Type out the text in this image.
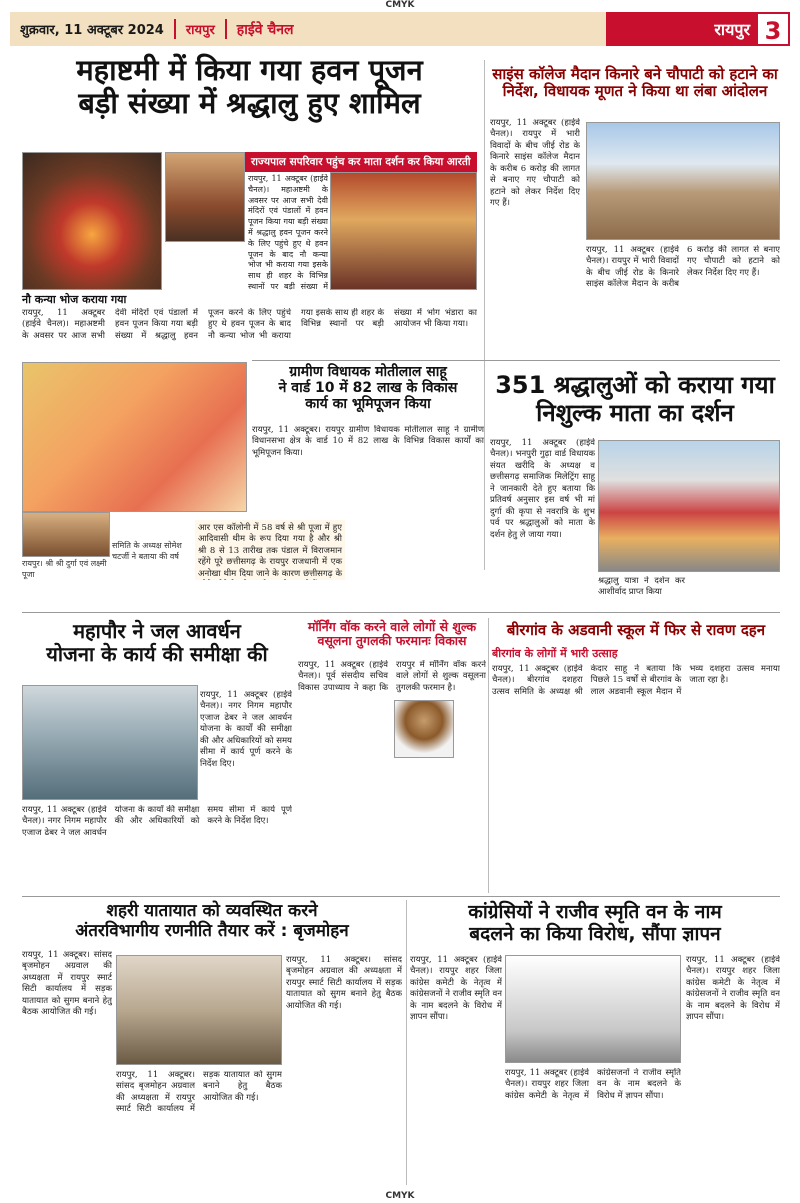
CMYK
शुक्रवार, 11 अक्टूबर 2024 रायपुर हाईवे चैनल	रायपुर 3
महाष्टमी में किया गया हवन पूजन
बड़ी संख्या में श्रद्धालु हुए शामिल
राज्यपाल सपरिवार पहुंच कर माता दर्शन कर किया आरती
रायपुर, 11 अक्टूबर (हाईवे चैनल)। महाअष्टमी के अवसर पर आज सभी देवी मंदिरों एवं पंडालों में हवन पूजन किया गया बड़ी संख्या में श्रद्धालु हवन पूजन करने के लिए पहुंचे हुए थे हवन पूजन के बाद नौ कन्या भोज भी कराया गया इसके साथ ही शहर के विभिन्न स्थानों पर बड़ी संख्या में
नौ कन्या भोज कराया गया
रायपुर, 11 अक्टूबर (हाईवे चैनल)। महाअष्टमी के अवसर पर आज सभी देवी मंदिरों एवं पंडालों में हवन पूजन किया गया बड़ी संख्या में श्रद्धालु हवन पूजन करने के लिए पहुंचे हुए थे हवन पूजन के बाद नौ कन्या भोज भी कराया गया इसके साथ ही शहर के विभिन्न स्थानों पर बड़ी संख्या में भोग भंडारा का आयोजन भी किया गया।
साइंस कॉलेज मैदान किनारे बने चौपाटी को हटाने का निर्देश, विधायक मूणत ने किया था लंबा आंदोलन
रायपुर, 11 अक्टूबर (हाईवे चैनल)। रायपुर में भारी विवादों के बीच जीई रोड के किनारे साइंस कॉलेज मैदान के करीब 6 करोड़ की लागत से बनाए गए चौपाटी को हटाने को लेकर निर्देश दिए गए हैं।
रायपुर, 11 अक्टूबर (हाईवे चैनल)। रायपुर में भारी विवादों के बीच जीई रोड के किनारे साइंस कॉलेज मैदान के करीब 6 करोड़ की लागत से बनाए गए चौपाटी को हटाने को लेकर निर्देश दिए गए हैं।
ग्रामीण विधायक मोतीलाल साहू
ने वार्ड 10 में 82 लाख के विकास
कार्य का भूमिपूजन किया
रायपुर, 11 अक्टूबर। रायपुर ग्रामीण विधायक मोतीलाल साहू ने ग्रामीण विधानसभा क्षेत्र के वार्ड 10 में 82 लाख के विभिन्न विकास कार्यों का भूमिपूजन किया।
आर एस कॉलोनी में 58 वर्ष से श्री पूजा में हुए आदिवासी थीम के रूप दिया गया है और श्री श्री 8 से 13 तारीख तक पंडाल में विराजमान रहेंगे पूरे छत्तीसगढ़ के रायपुर राजधानी में एक अनोखा थीम दिया जाने के कारण छत्तीसगढ़ के
रायपुर। श्री श्री दुर्गा एवं लक्ष्मी पूजा
समिति के अध्यक्ष सोमेश चटर्जी ने बताया की वर्ष
351 श्रद्धालुओं को कराया गया निशुल्क माता का दर्शन
रायपुर, 11 अक्टूबर (हाईवे चैनल)। भनपुरी गुढ़ा वार्ड विधायक संयत खरीदि के अध्यक्ष व छत्तीसगढ़ समाजिक मिलेट्रिंग साहू ने जानकारी देते हुए बताया कि प्रतिवर्ष अनुसार इस वर्ष भी मां दुर्गा की कृपा से नवरात्रि के शुभ पर्व पर श्रद्धालुओं को माता के दर्शन हेतु ले जाया गया।
श्रद्धालु यात्रा ने दर्शन कर आशीर्वाद प्राप्त किया
महापौर ने जल आवर्धन
योजना के कार्य की समीक्षा की
रायपुर, 11 अक्टूबर (हाईवे चैनल)। नगर निगम महापौर एजाज ढेबर ने जल आवर्धन योजना के कार्यों की समीक्षा की और अधिकारियों को समय सीमा में कार्य पूर्ण करने के निर्देश दिए।
रायपुर, 11 अक्टूबर (हाईवे चैनल)। नगर निगम महापौर एजाज ढेबर ने जल आवर्धन योजना के कार्यों की समीक्षा की और अधिकारियों को समय सीमा में कार्य पूर्ण करने के निर्देश दिए।
मॉर्निंग वॉक करने वाले लोगों से शुल्क
वसूलना तुगलकी फरमानः विकास
रायपुर, 11 अक्टूबर (हाईवे चैनल)। पूर्व संसदीय सचिव विकास उपाध्याय ने कहा कि रायपुर में मॉर्निंग वॉक करने वाले लोगों से शुल्क वसूलना तुगलकी फरमान है।
बीरगांव के अडवानी स्कूल में फिर से रावण दहन
बीरगांव के लोगों में भारी उत्साह
रायपुर, 11 अक्टूबर (हाईवे चैनल)। बीरगांव दशहरा उत्सव समिति के अध्यक्ष श्री केदार साहू ने बताया कि पिछले 15 वर्षों से बीरगांव के लाल अडवानी स्कूल मैदान में भव्य दशहरा उत्सव मनाया जाता रहा है।
शहरी यातायात को व्यवस्थित करने
अंतरविभागीय रणनीति तैयार करें : बृजमोहन
रायपुर, 11 अक्टूबर। सांसद बृजमोहन अग्रवाल की अध्यक्षता में रायपुर स्मार्ट सिटी कार्यालय में सड़क यातायात को सुगम बनाने हेतु बैठक आयोजित की गई।
रायपुर, 11 अक्टूबर। सांसद बृजमोहन अग्रवाल की अध्यक्षता में रायपुर स्मार्ट सिटी कार्यालय में सड़क यातायात को सुगम बनाने हेतु बैठक आयोजित की गई।
रायपुर, 11 अक्टूबर। सांसद बृजमोहन अग्रवाल की अध्यक्षता में रायपुर स्मार्ट सिटी कार्यालय में सड़क यातायात को सुगम बनाने हेतु बैठक आयोजित की गई।
कांग्रेसियों ने राजीव स्मृति वन के नाम
बदलने का किया विरोध, सौंपा ज्ञापन
रायपुर, 11 अक्टूबर (हाईवे चैनल)। रायपुर शहर जिला कांग्रेस कमेटी के नेतृत्व में कांग्रेसजनों ने राजीव स्मृति वन के नाम बदलने के विरोध में ज्ञापन सौंपा।
रायपुर, 11 अक्टूबर (हाईवे चैनल)। रायपुर शहर जिला कांग्रेस कमेटी के नेतृत्व में कांग्रेसजनों ने राजीव स्मृति वन के नाम बदलने के विरोध में ज्ञापन सौंपा।
रायपुर, 11 अक्टूबर (हाईवे चैनल)। रायपुर शहर जिला कांग्रेस कमेटी के नेतृत्व में कांग्रेसजनों ने राजीव स्मृति वन के नाम बदलने के विरोध में ज्ञापन सौंपा।
CMYK
